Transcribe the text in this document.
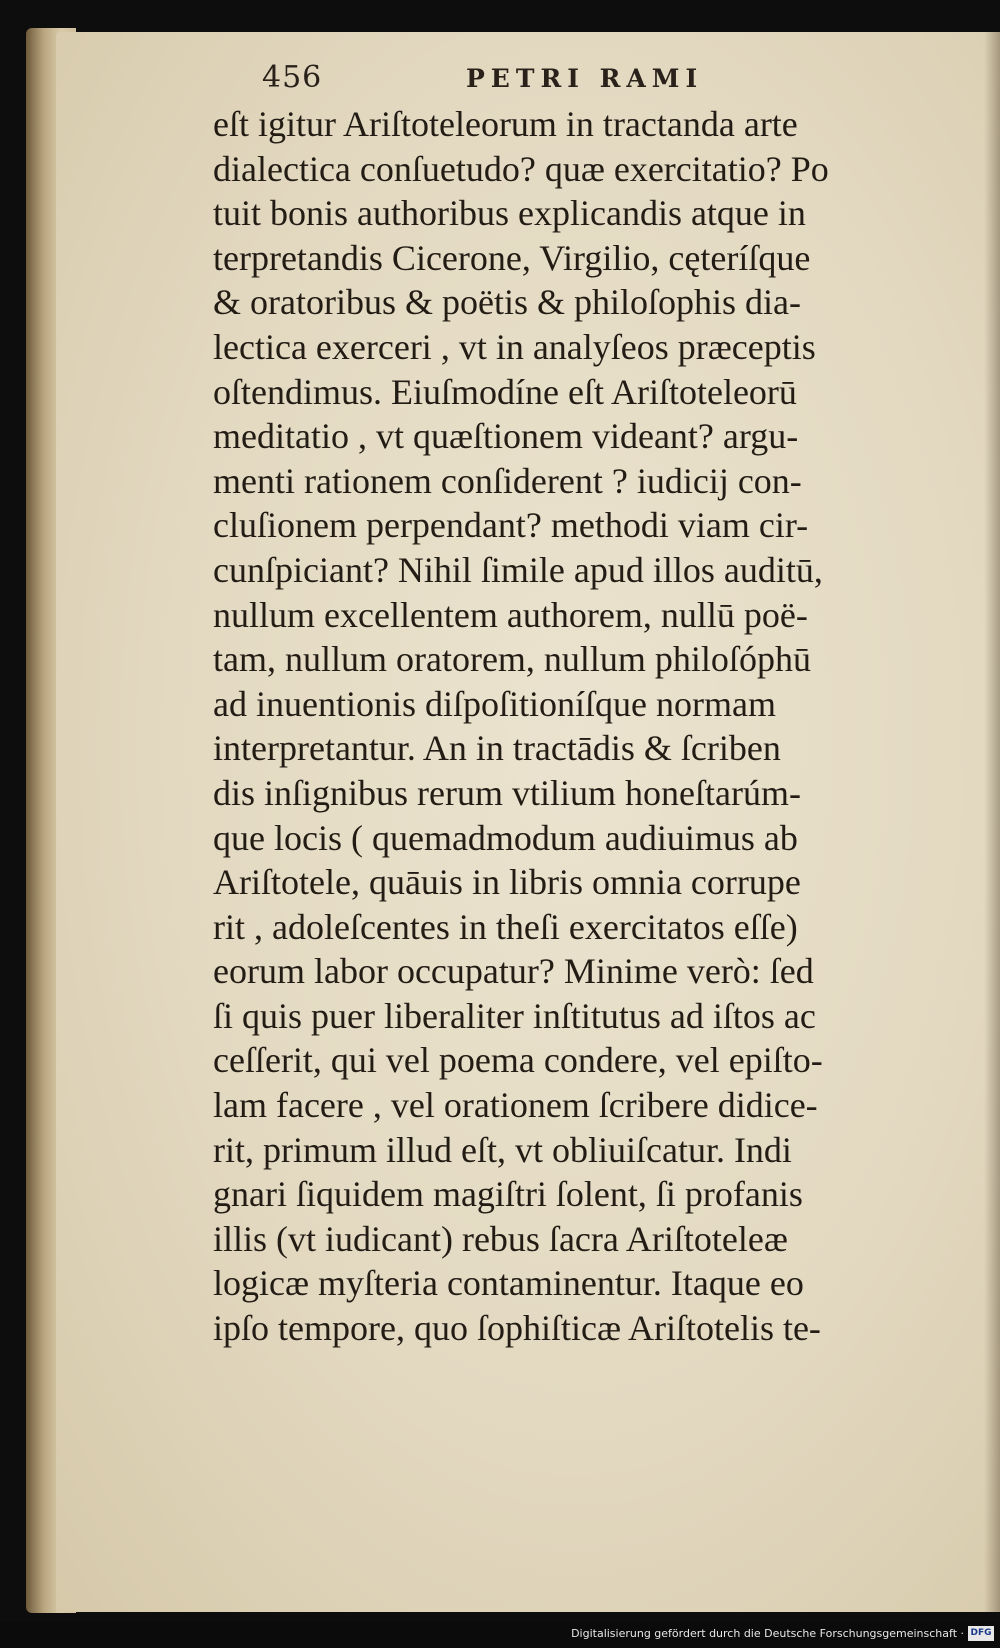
456	PETRI RAMI
eſt igitur Ariſtoteleorum in tractanda arte
dialectica conſuetudo? quæ exercitatio? Po
tuit bonis authoribus explicandis atque in
terpretandis Cicerone, Virgilio, cęteríſque
& oratoribus & poëtis & philoſophis dia-
lectica exerceri , vt in analyſeos præceptis
oſtendimus. Eiuſmodíne eſt Ariſtoteleorū
meditatio , vt quæſtionem videant? argu-
menti rationem conſiderent ? iudicij con-
cluſionem perpendant? methodi viam cir-
cunſpiciant? Nihil ſimile apud illos auditū,
nullum excellentem authorem, nullū poë-
tam, nullum oratorem, nullum philoſóphū
ad inuentionis diſpoſitioníſque normam
interpretantur. An in tractādis & ſcriben
dis inſignibus rerum vtilium honeſtarúm-
que locis ( quemadmodum audiuimus ab
Ariſtotele, quāuis in libris omnia corrupe
rit , adoleſcentes in theſi exercitatos eſſe)
eorum labor occupatur? Minime verò: ſed
ſi quis puer liberaliter inſtitutus ad iſtos ac
ceſſerit, qui vel poema condere, vel epiſto-
lam facere , vel orationem ſcribere didice-
rit, primum illud eſt, vt obliuiſcatur. Indi
gnari ſiquidem magiſtri ſolent, ſi profanis
illis (vt iudicant) rebus ſacra Ariſtoteleæ
logicæ myſteria contaminentur. Itaque eo
ipſo tempore, quo ſophiſticæ Ariſtotelis te-
Digitalisierung gefördert durch die Deutsche Forschungsgemeinschaft · DFG
